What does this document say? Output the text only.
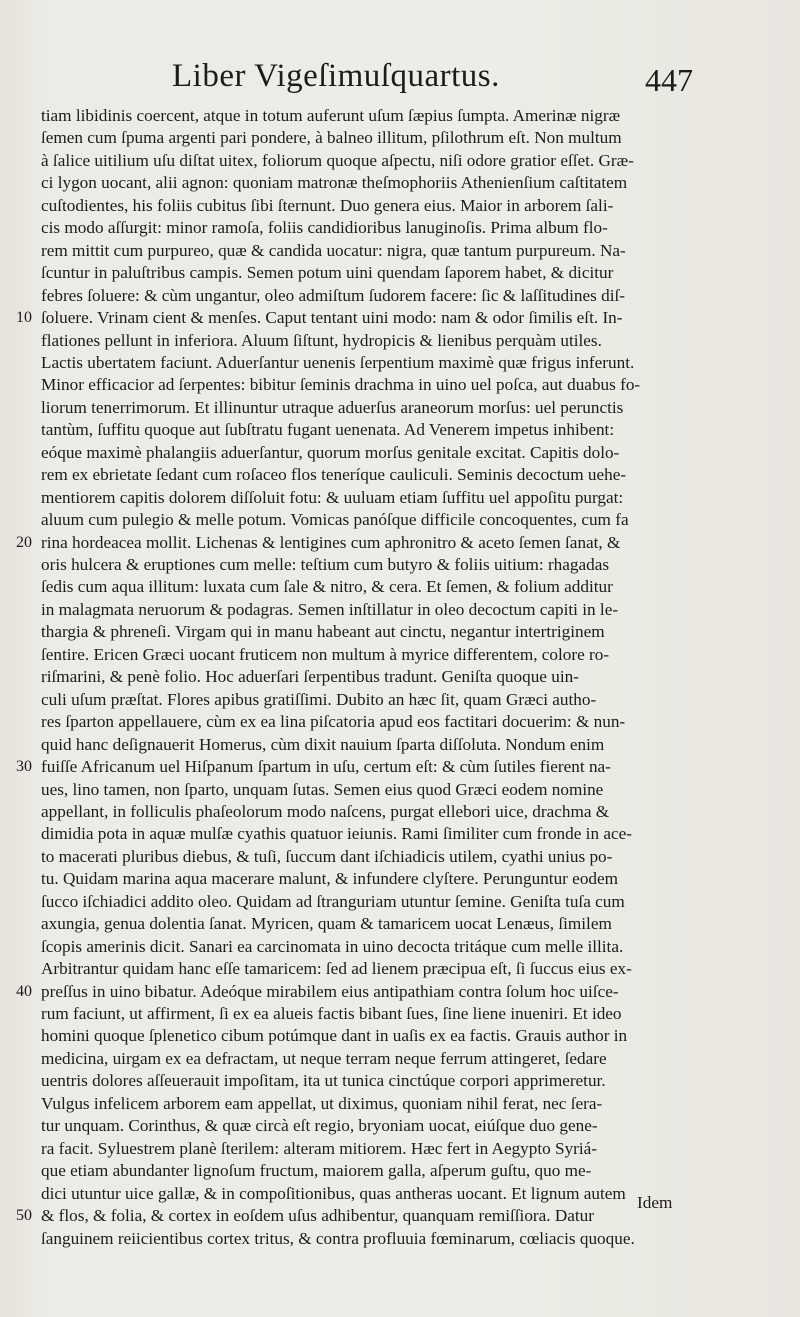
Liber Vigeſimuſquartus.	447
tiam libidinis coercent, atque in totum auferunt uſum ſæpius ſumpta. Amerinæ nigræ
ſemen cum ſpuma argenti pari pondere, à balneo illitum, pſilothrum eſt. Non multum
à ſalice uitilium uſu diſtat uitex, foliorum quoque aſpectu, niſi odore gratior eſſet. Græ-
ci lygon uocant, alii agnon: quoniam matronæ theſmophoriis Athenienſium caſtitatem
cuſtodientes, his foliis cubitus ſibi ſternunt. Duo genera eius. Maior in arborem ſali-
cis modo aſſurgit: minor ramoſa, foliis candidioribus lanuginoſis. Prima album flo-
rem mittit cum purpureo, quæ & candida uocatur: nigra, quæ tantum purpureum. Na-
ſcuntur in paluſtribus campis. Semen potum uini quendam ſaporem habet, & dicitur
febres ſoluere: & cùm ungantur, oleo admiſtum ſudorem facere: ſic & laſſitudines diſ-
ſoluere. Vrinam cient & menſes. Caput tentant uini modo: nam & odor ſimilis eſt. In-
flationes pellunt in inferiora. Aluum ſiſtunt, hydropicis & lienibus perquàm utiles.
Lactis ubertatem faciunt. Aduerſantur uenenis ſerpentium maximè quæ frigus inferunt.
Minor efficacior ad ſerpentes: bibitur ſeminis drachma in uino uel poſca, aut duabus fo-
liorum tenerrimorum. Et illinuntur utraque aduerſus araneorum morſus: uel perunctis
tantùm, ſuffitu quoque aut ſubſtratu fugant uenenata. Ad Venerem impetus inhibent:
eóque maximè phalangiis aduerſantur, quorum morſus genitale excitat. Capitis dolo-
rem ex ebrietate ſedant cum roſaceo flos teneríque cauliculi. Seminis decoctum uehe-
mentiorem capitis dolorem diſſoluit fotu: & uuluam etiam ſuffitu uel appoſitu purgat:
aluum cum pulegio & melle potum. Vomicas panóſque difficile concoquentes, cum fa
rina hordeacea mollit. Lichenas & lentigines cum aphronitro & aceto ſemen ſanat, &
oris hulcera & eruptiones cum melle: teſtium cum butyro & foliis uitium: rhagadas
ſedis cum aqua illitum: luxata cum ſale & nitro, & cera. Et ſemen, & folium additur
in malagmata neruorum & podagras. Semen inſtillatur in oleo decoctum capiti in le-
thargia & phreneſi. Virgam qui in manu habeant aut cinctu, negantur intertriginem
ſentire. Ericen Græci uocant fruticem non multum à myrice differentem, colore ro-
riſmarini, & penè folio. Hoc aduerſari ſerpentibus tradunt. Geniſta quoque uin-
culi uſum præſtat. Flores apibus gratiſſimi. Dubito an hæc ſit, quam Græci autho-
res ſparton appellauere, cùm ex ea lina piſcatoria apud eos factitari docuerim: & nun-
quid hanc deſignauerit Homerus, cùm dixit nauium ſparta diſſoluta. Nondum enim
fuiſſe Africanum uel Hiſpanum ſpartum in uſu, certum eſt: & cùm ſutiles fierent na-
ues, lino tamen, non ſparto, unquam ſutas. Semen eius quod Græci eodem nomine
appellant, in folliculis phaſeolorum modo naſcens, purgat ellebori uice, drachma &
dimidia pota in aquæ mulſæ cyathis quatuor ieiunis. Rami ſimiliter cum fronde in ace-
to macerati pluribus diebus, & tuſi, ſuccum dant iſchiadicis utilem, cyathi unius po-
tu. Quidam marina aqua macerare malunt, & infundere clyſtere. Perunguntur eodem
ſucco iſchiadici addito oleo. Quidam ad ſtranguriam utuntur ſemine. Geniſta tuſa cum
axungia, genua dolentia ſanat. Myricen, quam & tamaricem uocat Lenæus, ſimilem
ſcopis amerinis dicit. Sanari ea carcinomata in uino decocta tritáque cum melle illita.
Arbitrantur quidam hanc eſſe tamaricem: ſed ad lienem præcipua eſt, ſi ſuccus eius ex-
preſſus in uino bibatur. Adeóque mirabilem eius antipathiam contra ſolum hoc uiſce-
rum faciunt, ut affirment, ſi ex ea alueis factis bibant ſues, ſine liene inueniri. Et ideo
homini quoque ſplenetico cibum potúmque dant in uaſis ex ea factis. Grauis author in
medicina, uirgam ex ea defractam, ut neque terram neque ferrum attingeret, ſedare
uentris dolores aſſeuerauit impoſitam, ita ut tunica cinctúque corpori apprimeretur.
Vulgus infelicem arborem eam appellat, ut diximus, quoniam nihil ferat, nec ſera-
tur unquam. Corinthus, & quæ circà eſt regio, bryoniam uocat, eiúſque duo gene-
ra facit. Syluestrem planè ſterilem: alteram mitiorem. Hæc fert in Aegypto Syriá-
que etiam abundanter lignoſum fructum, maiorem galla, aſperum guſtu, quo me-
dici utuntur uice gallæ, & in compoſitionibus, quas antheras uocant. Et lignum autem
& flos, & folia, & cortex in eoſdem uſus adhibentur, quanquam remiſſiora. Datur
ſanguinem reiicientibus cortex tritus, & contra profluuia fœminarum, cœliacis quoque.
10
20
30
40
50
Idem
